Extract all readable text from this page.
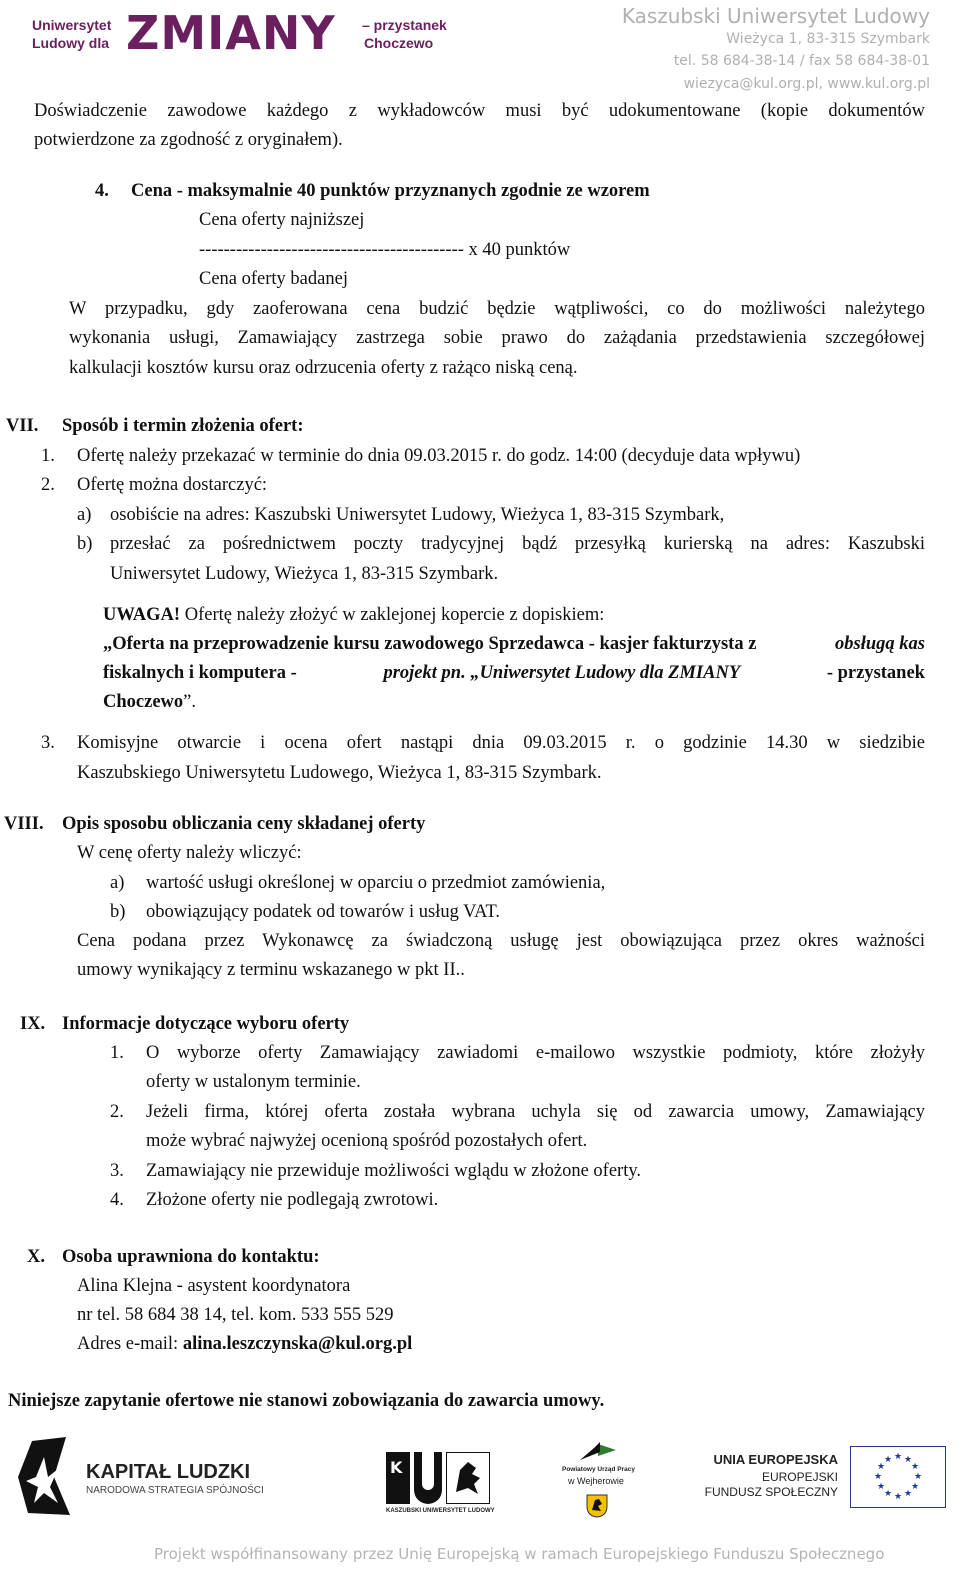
Uniwersytet
Ludowy dla ZMIANY – przystanek
Choczewo
Kaszubski Uniwersytet Ludowy
Wieżyca 1, 83-315 Szymbark
tel. 58 684-38-14 / fax 58 684-38-01
wiezyca@kul.org.pl, www.kul.org.pl
Doświadczenie zawodowe każdego z wykładowców musi być udokumentowane (kopie dokumentów
potwierdzone za zgodność z oryginałem).
4. Cena - maksymalnie 40 punktów przyznanych zgodnie ze wzorem
Cena oferty najniższej
------------------------------------------- x 40 punktów
Cena oferty badanej
W przypadku, gdy zaoferowana cena budzić będzie wątpliwości, co do możliwości należytego
wykonania usługi, Zamawiający zastrzega sobie prawo do zażądania przedstawienia szczegółowej
kalkulacji kosztów kursu oraz odrzucenia oferty z rażąco niską ceną.
VII. Sposób i termin złożenia ofert:
1. Ofertę należy przekazać w terminie do dnia 09.03.2015 r. do godz. 14:00 (decyduje data wpływu)
2. Ofertę można dostarczyć:
a) osobiście na adres: Kaszubski Uniwersytet Ludowy, Wieżyca 1, 83-315 Szymbark,
b) przesłać za pośrednictwem poczty tradycyjnej bądź przesyłką kurierską na adres: Kaszubski
Uniwersytet Ludowy, Wieżyca 1, 83-315 Szymbark.
UWAGA! Ofertę należy złożyć w zaklejonej kopercie z dopiskiem:
„Oferta na przeprowadzenie kursu zawodowego Sprzedawca - kasjer fakturzysta z	obsługą kas
fiskalnych i komputera -	projekt pn. „Uniwersytet Ludowy dla ZMIANY	- przystanek
Choczewo”.
3. Komisyjne otwarcie i ocena ofert nastąpi dnia 09.03.2015 r. o godzinie 14.30 w siedzibie
Kaszubskiego Uniwersytetu Ludowego, Wieżyca 1, 83-315 Szymbark.
VIII. Opis sposobu obliczania ceny składanej oferty
W cenę oferty należy wliczyć:
a) wartość usługi określonej w oparciu o przedmiot zamówienia,
b) obowiązujący podatek od towarów i usług VAT.
Cena podana przez Wykonawcę za świadczoną usługę jest obowiązująca przez okres ważności
umowy wynikający z terminu wskazanego w pkt II..
IX. Informacje dotyczące wyboru oferty
1. O wyborze oferty Zamawiający zawiadomi e-mailowo wszystkie podmioty, które złożyły
oferty w ustalonym terminie.
2. Jeżeli firma, której oferta została wybrana uchyla się od zawarcia umowy, Zamawiający
może wybrać najwyżej ocenioną spośród pozostałych ofert.
3. Zamawiający nie przewiduje możliwości wglądu w złożone oferty.
4. Złożone oferty nie podlegają zwrotowi.
X. Osoba uprawniona do kontaktu:
Alina Klejna - asystent koordynatora
nr tel. 58 684 38 14, tel. kom. 533 555 529
Adres e-mail: alina.leszczynska@kul.org.pl
Niniejsze zapytanie ofertowe nie stanowi zobowiązania do zawarcia umowy.
KAPITAŁ LUDZKI
NARODOWA STRATEGIA SPÓJNOŚCI
K
KASZUBSKI UNIWERSYTET LUDOWY
Powiatowy Urząd Pracy
w Wejherowie
UNIA EUROPEJSKA
EUROPEJSKI
FUNDUSZ SPOŁECZNY
★ ★
★
★
★
★
★
★
★
★
★
★
Projekt współfinansowany przez Unię Europejską w ramach Europejskiego Funduszu Społecznego
